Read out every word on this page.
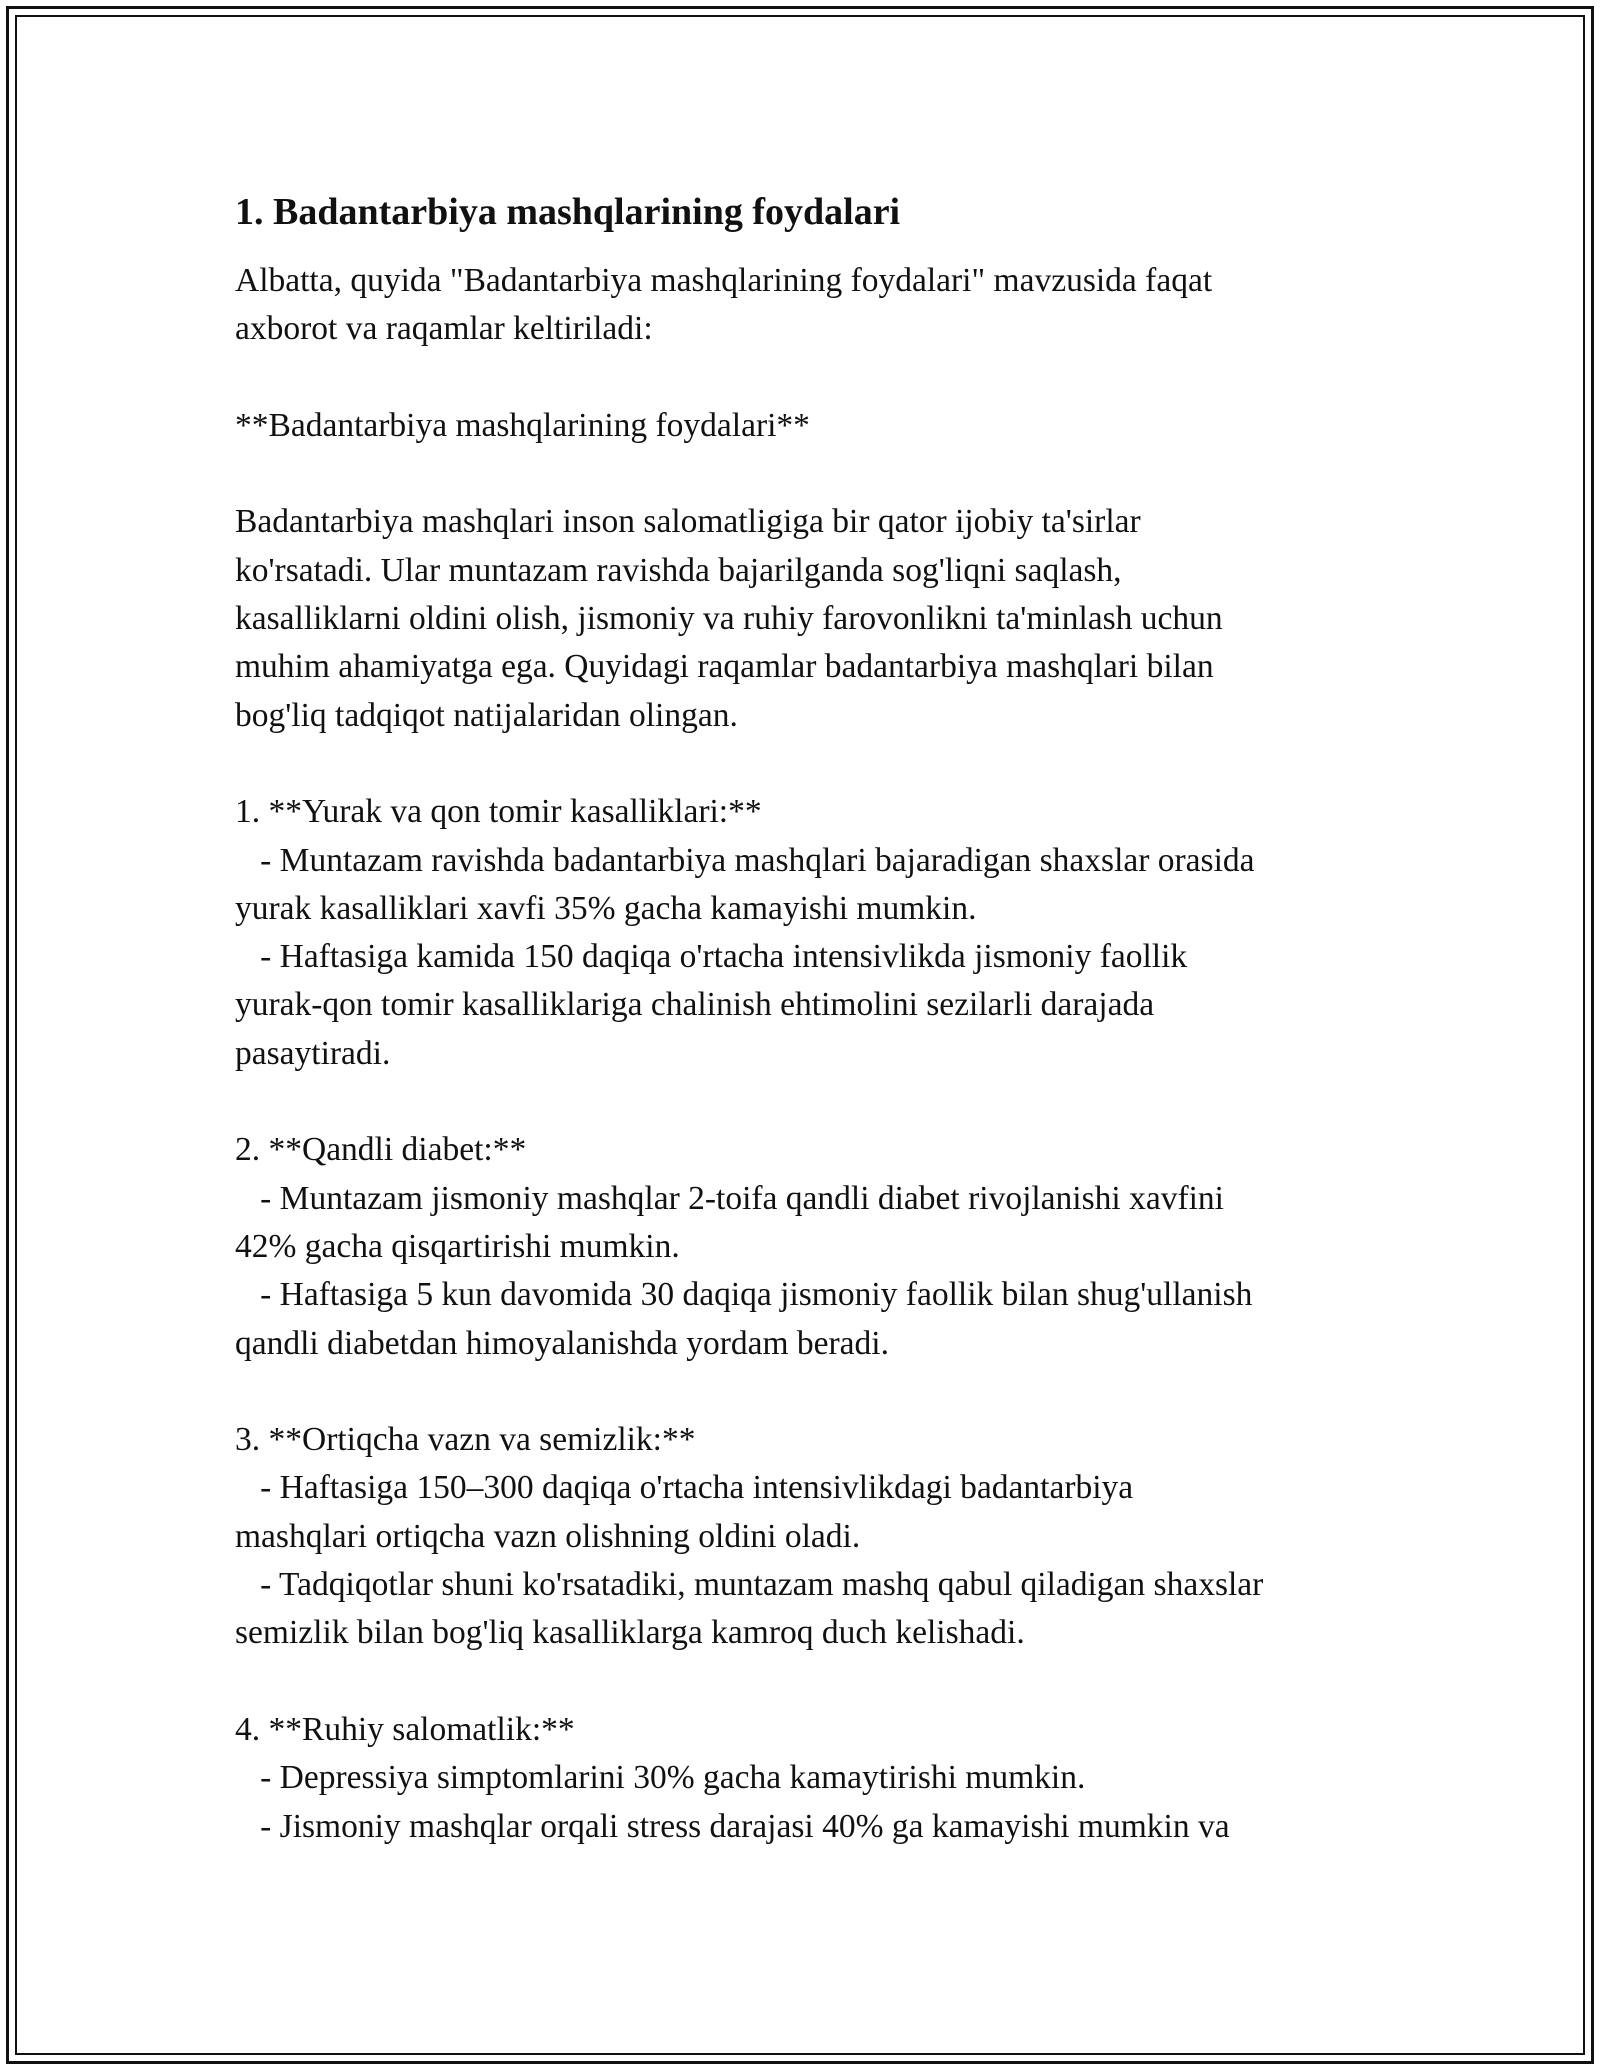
1. Badantarbiya mashqlarining foydalari
Albatta, quyida "Badantarbiya mashqlarining foydalari" mavzusida faqat
axborot va raqamlar keltiriladi:
**Badantarbiya mashqlarining foydalari**
Badantarbiya mashqlari inson salomatligiga bir qator ijobiy ta'sirlar
ko'rsatadi. Ular muntazam ravishda bajarilganda sog'liqni saqlash,
kasalliklarni oldini olish, jismoniy va ruhiy farovonlikni ta'minlash uchun
muhim ahamiyatga ega. Quyidagi raqamlar badantarbiya mashqlari bilan
bog'liq tadqiqot natijalaridan olingan.
1. **Yurak va qon tomir kasalliklari:**
- Muntazam ravishda badantarbiya mashqlari bajaradigan shaxslar orasida
yurak kasalliklari xavfi 35% gacha kamayishi mumkin.
- Haftasiga kamida 150 daqiqa o'rtacha intensivlikda jismoniy faollik
yurak-qon tomir kasalliklariga chalinish ehtimolini sezilarli darajada
pasaytiradi.
2. **Qandli diabet:**
- Muntazam jismoniy mashqlar 2-toifa qandli diabet rivojlanishi xavfini
42% gacha qisqartirishi mumkin.
- Haftasiga 5 kun davomida 30 daqiqa jismoniy faollik bilan shug'ullanish
qandli diabetdan himoyalanishda yordam beradi.
3. **Ortiqcha vazn va semizlik:**
- Haftasiga 150–300 daqiqa o'rtacha intensivlikdagi badantarbiya
mashqlari ortiqcha vazn olishning oldini oladi.
- Tadqiqotlar shuni ko'rsatadiki, muntazam mashq qabul qiladigan shaxslar
semizlik bilan bog'liq kasalliklarga kamroq duch kelishadi.
4. **Ruhiy salomatlik:**
- Depressiya simptomlarini 30% gacha kamaytirishi mumkin.
- Jismoniy mashqlar orqali stress darajasi 40% ga kamayishi mumkin va
